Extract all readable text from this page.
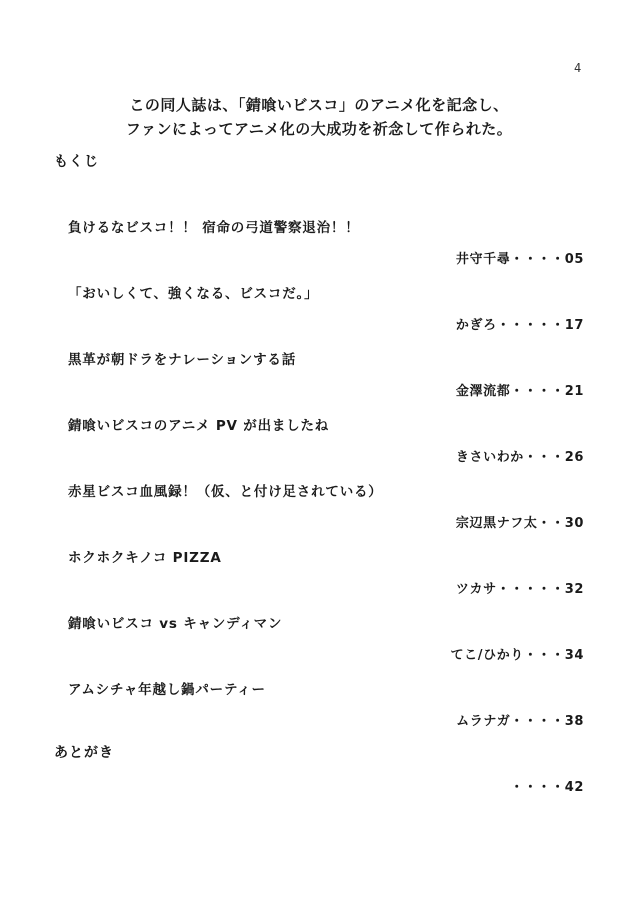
4
この同人誌は、「錆喰いビスコ」のアニメ化を記念し、
ファンによってアニメ化の大成功を祈念して作られた。
もくじ
負けるなビスコ！！ 宿命の弓道警察退治！！
井守千尋・・・・05
「おいしくて、強くなる、ビスコだ。」
かぎろ・・・・・17
黒革が朝ドラをナレーションする話
金澤流都・・・・21
錆喰いビスコのアニメ PV が出ましたね
きさいわか・・・26
赤星ビスコ血風録！（仮、と付け足されている）
宗辺黒ナフ太・・30
ホクホクキノコ PIZZA
ツカサ・・・・・32
錆喰いビスコ vs キャンディマン
てこ/ひかり・・・34
アムシチャ年越し鍋パーティー
ムラナガ・・・・38
あとがき
・・・・42
